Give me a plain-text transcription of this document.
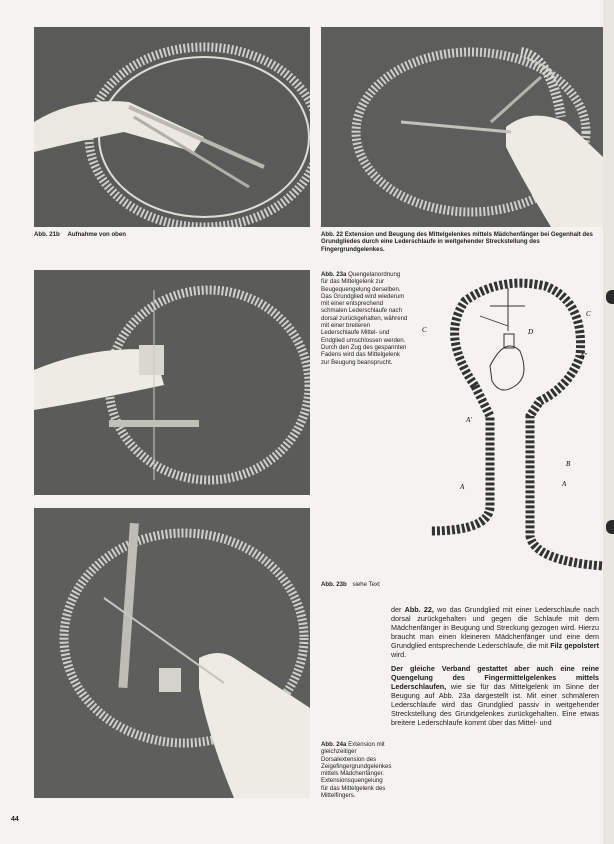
Abb. 21b Aufnahme von oben	Abb. 22 Extension und Beugung des Mittelgelenkes mittels Mädchenfänger bei Gegenhalt des Grundgliedes durch eine Lederschlaufe in weitgehender Streckstellung des Fingergrundgelenkes.
Abb. 23a Quengelanordnung für das Mittelgelenk zur Beugequengelung derselben. Das Grundglied wird wiederum mit einer entsprechend schmalen Lederschlaufe nach dorsal zurückgehalten, während mit einer breiteren Lederschlaufe Mittel- und Endglied umschlossen werden. Durch den Zug des gespannten Fadens wird das Mittelgelenk zur Beugung beansprucht.
C
C
D
A"
A'
B
A	A
Abb. 23b siehe Text
Abb. 24a Extension mit gleichzeitiger Dorsalextension des Zeigefingergrundgelenkes mittels Mädchenfänger. Extensionsquengelung für das Mittelgelenk des Mittelfingers.

der Abb. 22, wo das Grundglied mit einer Lederschlaufe nach dorsal zurückgehalten und gegen die Schlaufe mit dem Mädchenfänger in Beugung und Streckung gezogen wird. Hierzu braucht man einen kleineren Mädchenfänger und eine dem Grundglied entsprechende Lederschlaufe, die mit Filz gepolstert wird.

Der gleiche Verband gestattet aber auch eine reine Quengelung des Fingermittelgelenkes mittels Lederschlaufen, wie sie für das Mittelgelenk im Sinne der Beugung auf Abb. 23a dargestellt ist. Mit einer schmäleren Lederschlaufe wird das Grundglied passiv in weitgehender Streckstellung des Grundgelenkes zurückgehalten. Eine etwas breitere Lederschlaufe kommt über das Mittel- und

44
